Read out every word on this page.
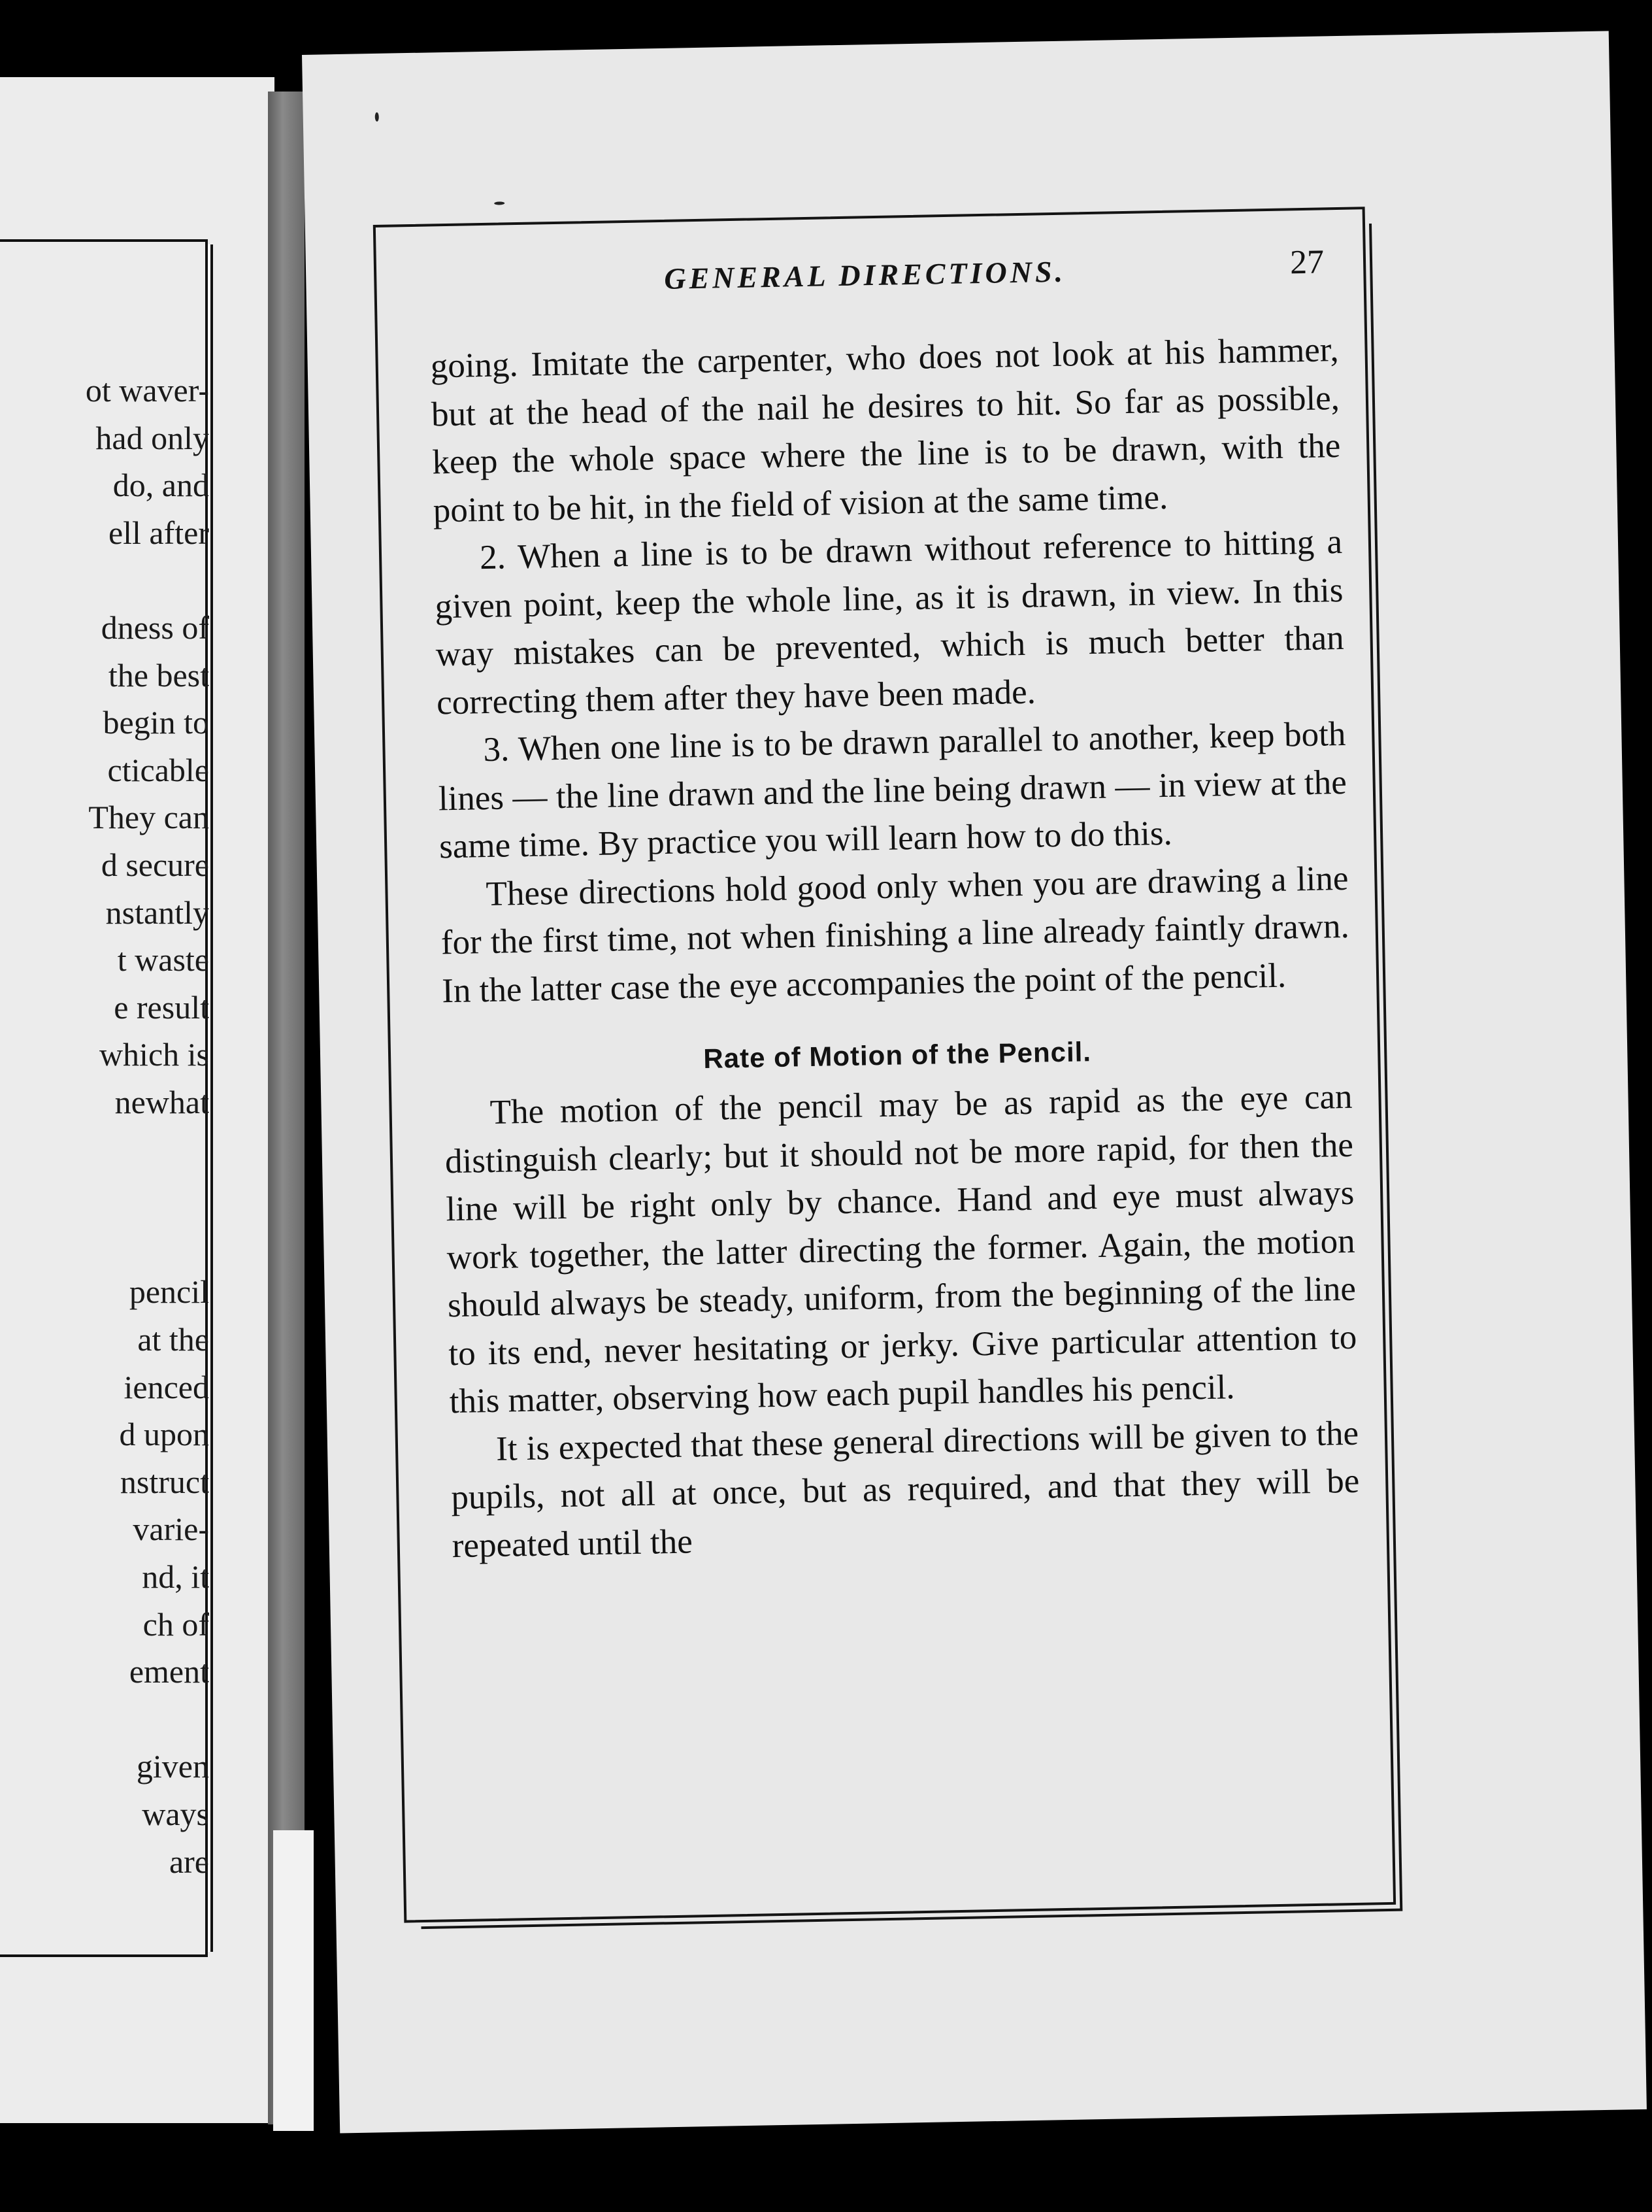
ot waver-
had only
do, and
ell after
dness of
the best
begin to
cticable
They can
d secure
nstantly
t waste
e result
which is
newhat
pencil
at the
ienced
d upon
nstruct
varie-
nd, it
ch of
ement
given
ways
are
GENERAL DIRECTIONS.	27

going. Imitate the carpenter, who does not look at his hammer, but at the head of the nail he desires to hit. So far as possible, keep the whole space where the line is to be drawn, with the point to be hit, in the field of vision at the same time.

2. When a line is to be drawn without reference to hitting a given point, keep the whole line, as it is drawn, in view. In this way mistakes can be prevented, which is much better than correcting them after they have been made.

3. When one line is to be drawn parallel to another, keep both lines — the line drawn and the line being drawn — in view at the same time. By practice you will learn how to do this.

These directions hold good only when you are drawing a line for the first time, not when finishing a line already faintly drawn. In the latter case the eye accompanies the point of the pencil.

Rate of Motion of the Pencil.

The motion of the pencil may be as rapid as the eye can distinguish clearly; but it should not be more rapid, for then the line will be right only by chance. Hand and eye must always work together, the latter directing the former. Again, the motion should always be steady, uniform, from the beginning of the line to its end, never hesitating or jerky. Give particular attention to this matter, observing how each pupil handles his pencil.

It is expected that these general directions will be given to the pupils, not all at once, but as required, and that they will be repeated until the
